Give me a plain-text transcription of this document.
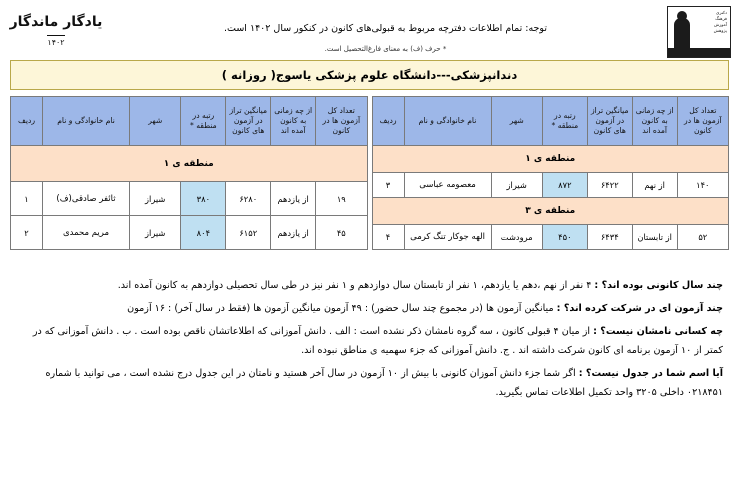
یادگار ماندگار
۱۴۰۲
توجه: تمام اطلاعات دفترچه مربوط به قبولی‌های کانون در کنکور سال ۱۴۰۲ است.
* حرف (ف) به معنای فارغ‌التحصیل است.
دکتری
فرهنگ
آموزش
پژوهش
دندانپزشکی---دانشگاه علوم پزشکی یاسوج( روزانه )
تعداد کل آزمون ها در کانون	از چه زمانی به کانون آمده اند	میانگین تراز در آزمون های کانون	رتبه در منطقه *	شهر	نام خانوادگی و نام	ردیف
منطقه ی ۱						
۱۴۰	از نهم	۶۴۲۲	۸۷۲	شیراز	معصومه عباسی	۳
منطقه ی ۳						
۵۲	از تابستان	۶۴۳۴	۴۵۰	مرودشت	الهه جوکار تنگ کرمی	۴
تعداد کل آزمون ها در کانون	از چه زمانی به کانون آمده اند	میانگین تراز در آزمون های کانون	رتبه در منطقه *	شهر	نام خانوادگی و نام	ردیف
منطقه ی ۱						
۱۹	از یازدهم	۶۲۸۰	۳۸۰	شیراز	ثائفر صادقی(ف)	۱
۴۵	از یازدهم	۶۱۵۲	۸۰۴	شیراز	مریم محمدی	۲

چند سال کانونی بوده اند؟ : ۴ نفر از نهم ،دهم یا یازدهم، ۱ نفر از تابستان سال دوازدهم و ۱ نفر نیز در طی سال تحصیلی دوازدهم به کانون آمده اند.

چند آزمون ای در شرکت کرده اند؟ : میانگین آزمون ها (در مجموع چند سال حضور) : ۴۹ آزمون میانگین آزمون ها (فقط در سال آخر) : ۱۶ آزمون

چه کسانی نامشان نیست؟ : از میان ۴ قبولی کانون ، سه گروه نامشان ذکر نشده است : الف . دانش آموزانی که اطلاعاتشان ناقص بوده است . ب . دانش آموزانی که در کمتر از ۱۰ آزمون برنامه ای کانون شرکت داشته اند . ج. دانش آموزانی که جزء سهمیه ی مناطق نبوده اند.

آیا اسم شما در جدول نیست؟ : اگر شما جزء دانش آموزان کانونی با بیش از ۱۰ آزمون در سال آخر هستید و نامتان در این جدول درج نشده است ، می توانید با شماره ۰۲۱۸۴۵۱ داخلی ۳۲۰۵ واحد تکمیل اطلاعات تماس بگیرید.
